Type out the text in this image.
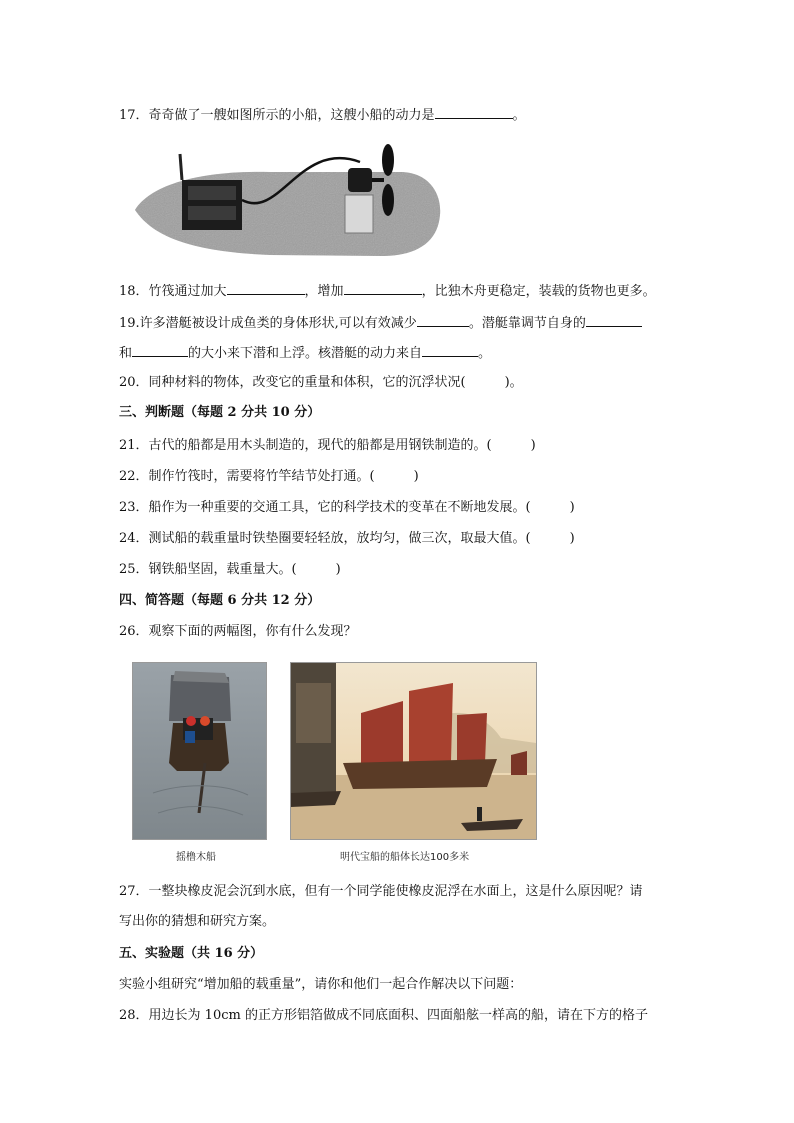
17．奇奇做了一艘如图所示的小船，这艘小船的动力是	。
18．竹筏通过加大	，增加	，比独木舟更稳定，装载的货物也更多。
19.许多潜艇被设计成鱼类的身体形状,可以有效减少	。潜艇靠调节自身的
和	的大小来下潜和上浮。核潜艇的动力来自	。
20．同种材料的物体，改变它的重量和体积，它的沉浮状况(　　　)。
三、判断题（每题 2 分共 10 分）
21．古代的船都是用木头制造的，现代的船都是用钢铁制造的。(　　　)
22．制作竹筏时，需要将竹竿结节处打通。(　　　)
23．船作为一种重要的交通工具，它的科学技术的变革在不断地发展。(　　　)
24．测试船的载重量时铁垫圈要轻轻放，放均匀，做三次，取最大值。(　　　)
25．钢铁船坚固，载重量大。(　　　)
四、简答题（每题 6 分共 12 分）
26．观察下面的两幅图，你有什么发现？
摇橹木船	明代宝船的船体长达100多米
27．一整块橡皮泥会沉到水底，但有一个同学能使橡皮泥浮在水面上，这是什么原因呢？请
写出你的猜想和研究方案。
五、实验题（共 16 分）
实验小组研究“增加船的载重量”，请你和他们一起合作解决以下问题：
28．用边长为 10cm 的正方形铝箔做成不同底面积、四面船舷一样高的船，请在下方的格子
